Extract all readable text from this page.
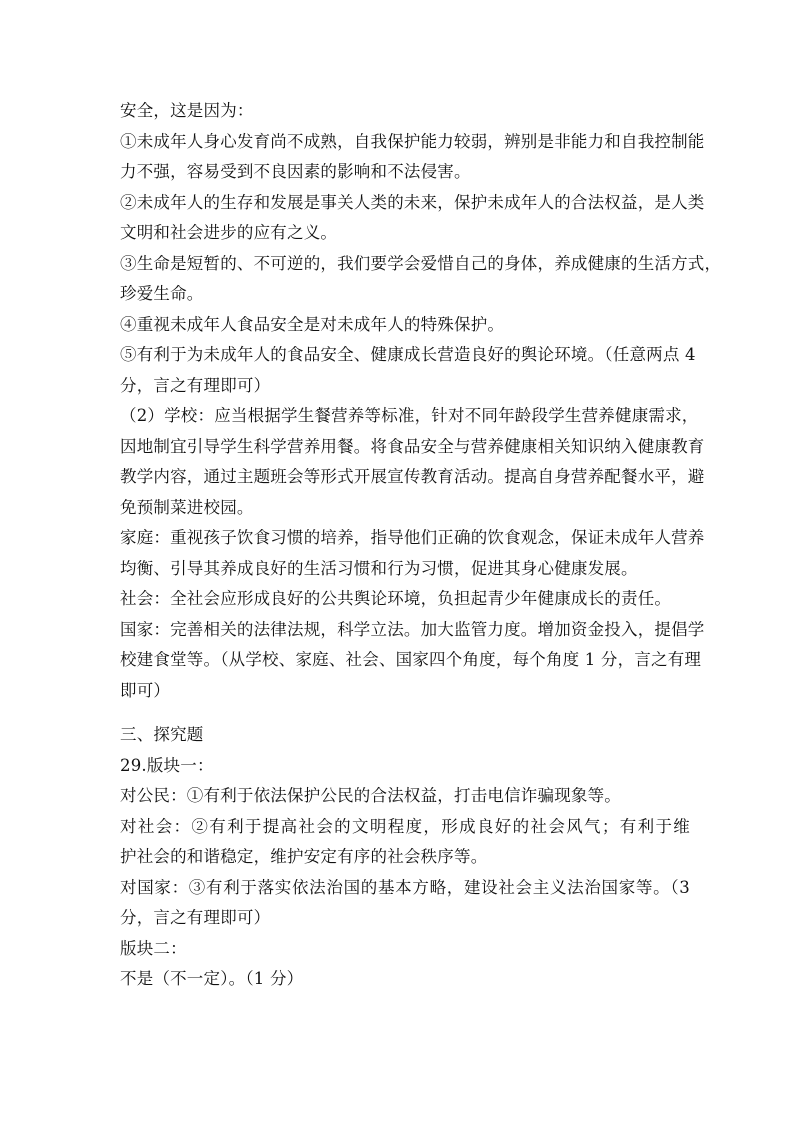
安全，这是因为：
①未成年人身心发育尚不成熟，自我保护能力较弱，辨别是非能力和自我控制能
力不强，容易受到不良因素的影响和不法侵害。
②未成年人的生存和发展是事关人类的未来，保护未成年人的合法权益，是人类
文明和社会进步的应有之义。
③生命是短暂的、不可逆的，我们要学会爱惜自己的身体，养成健康的生活方式，
珍爱生命。
④重视未成年人食品安全是对未成年人的特殊保护。
⑤有利于为未成年人的食品安全、健康成长营造良好的舆论环境。（任意两点 4
分，言之有理即可）
（2）学校：应当根据学生餐营养等标准，针对不同年龄段学生营养健康需求，
因地制宜引导学生科学营养用餐。将食品安全与营养健康相关知识纳入健康教育
教学内容，通过主题班会等形式开展宣传教育活动。提高自身营养配餐水平，避
免预制菜进校园。
家庭：重视孩子饮食习惯的培养，指导他们正确的饮食观念，保证未成年人营养
均衡、引导其养成良好的生活习惯和行为习惯，促进其身心健康发展。
社会：全社会应形成良好的公共舆论环境，负担起青少年健康成长的责任。
国家：完善相关的法律法规，科学立法。加大监管力度。增加资金投入，提倡学
校建食堂等。（从学校、家庭、社会、国家四个角度，每个角度 1 分，言之有理
即可）
三、探究题
29.版块一：
对公民：①有利于依法保护公民的合法权益，打击电信诈骗现象等。
对社会：②有利于提高社会的文明程度，形成良好的社会风气；有利于维
护社会的和谐稳定，维护安定有序的社会秩序等。
对国家：③有利于落实依法治国的基本方略，建设社会主义法治国家等。（3
分，言之有理即可）
版块二：
不是（不一定）。（1 分）
